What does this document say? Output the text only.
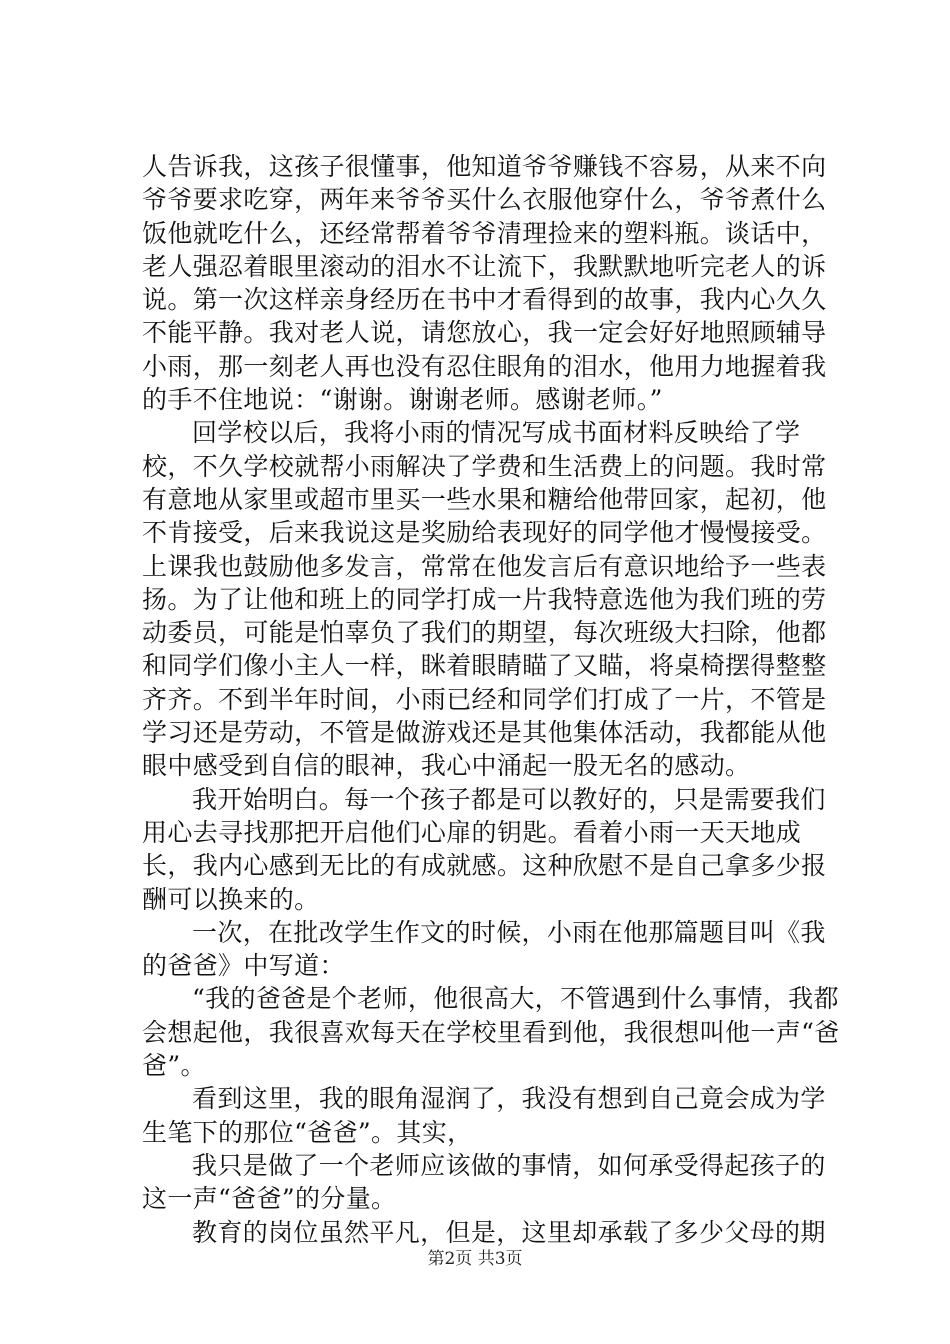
人告诉我，这孩子很懂事，他知道爷爷赚钱不容易，从来不向爷爷要求吃穿，两年来爷爷买什么衣服他穿什么，爷爷煮什么饭他就吃什么，还经常帮着爷爷清理捡来的塑料瓶。谈话中，老人强忍着眼里滚动的泪水不让流下，我默默地听完老人的诉说。第一次这样亲身经历在书中才看得到的故事，我内心久久不能平静。我对老人说，请您放心，我一定会好好地照顾辅导小雨，那一刻老人再也没有忍住眼角的泪水，他用力地握着我的手不住地说：“谢谢。谢谢老师。感谢老师。”

回学校以后，我将小雨的情况写成书面材料反映给了学校，不久学校就帮小雨解决了学费和生活费上的问题。我时常有意地从家里或超市里买一些水果和糖给他带回家，起初，他不肯接受，后来我说这是奖励给表现好的同学他才慢慢接受。上课我也鼓励他多发言，常常在他发言后有意识地给予一些表扬。为了让他和班上的同学打成一片我特意选他为我们班的劳动委员，可能是怕辜负了我们的期望，每次班级大扫除，他都和同学们像小主人一样，眯着眼睛瞄了又瞄，将桌椅摆得整整齐齐。不到半年时间，小雨已经和同学们打成了一片，不管是学习还是劳动，不管是做游戏还是其他集体活动，我都能从他眼中感受到自信的眼神，我心中涌起一股无名的感动。

我开始明白。每一个孩子都是可以教好的，只是需要我们用心去寻找那把开启他们心扉的钥匙。看着小雨一天天地成长，我内心感到无比的有成就感。这种欣慰不是自己拿多少报酬可以换来的。

一次，在批改学生作文的时候，小雨在他那篇题目叫《我的爸爸》中写道：

“我的爸爸是个老师，他很高大，不管遇到什么事情，我都会想起他，我很喜欢每天在学校里看到他，我很想叫他一声“爸爸”。

看到这里，我的眼角湿润了，我没有想到自己竟会成为学生笔下的那位“爸爸”。其实，

我只是做了一个老师应该做的事情，如何承受得起孩子的这一声“爸爸”的分量。

教育的岗位虽然平凡，但是，这里却承载了多少父母的期

第2页 共3页
